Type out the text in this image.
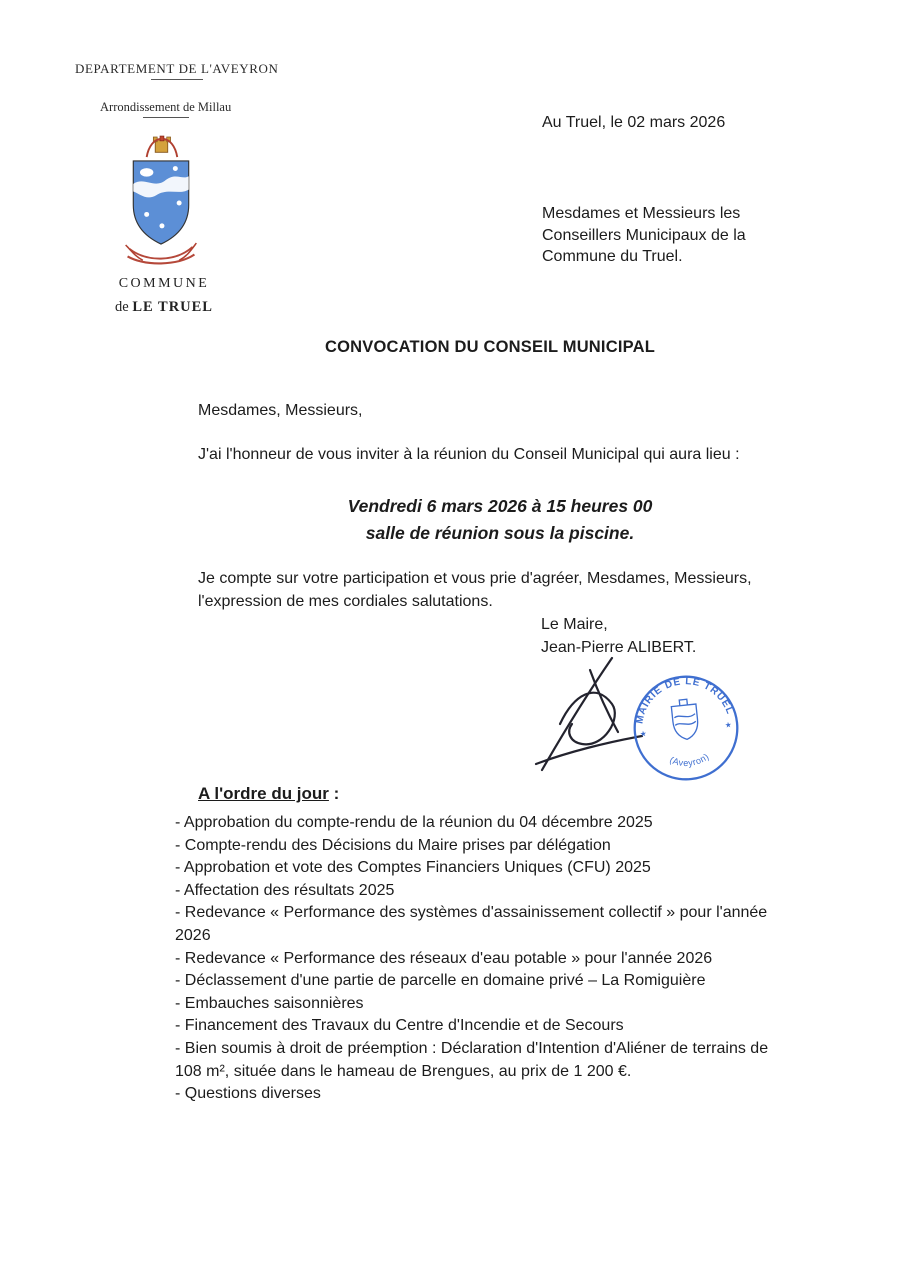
DEPARTEMENT DE L'AVEYRON
Arrondissement de Millau
COMMUNE
de LE TRUEL
Au Truel, le 02 mars 2026
Mesdames et Messieurs les
Conseillers Municipaux de la
Commune du Truel.
CONVOCATION DU CONSEIL MUNICIPAL
Mesdames, Messieurs,
J'ai l'honneur de vous inviter à la réunion du Conseil Municipal qui aura lieu :
Vendredi 6 mars 2026 à 15 heures 00
salle de réunion sous la piscine.
Je compte sur votre participation et vous prie d'agréer, Mesdames, Messieurs, l'expression de mes cordiales salutations.
Le Maire,
Jean-Pierre ALIBERT.
MAIRIE DE LE TRUEL
(Aveyron)
★
★
A l'ordre du jour :

- Approbation du compte-rendu de la réunion du 04 décembre 2025

- Compte-rendu des Décisions du Maire prises par délégation

- Approbation et vote des Comptes Financiers Uniques (CFU) 2025

- Affectation des résultats 2025

- Redevance « Performance des systèmes d'assainissement collectif » pour l'année 2026

- Redevance « Performance des réseaux d'eau potable » pour l'année 2026

- Déclassement d'une partie de parcelle en domaine privé – La Romiguière

- Embauches saisonnières

- Financement des Travaux du Centre d'Incendie et de Secours

- Bien soumis à droit de préemption : Déclaration d'Intention d'Aliéner de terrains de 108 m², située dans le hameau de Brengues, au prix de 1 200 €.

- Questions diverses
